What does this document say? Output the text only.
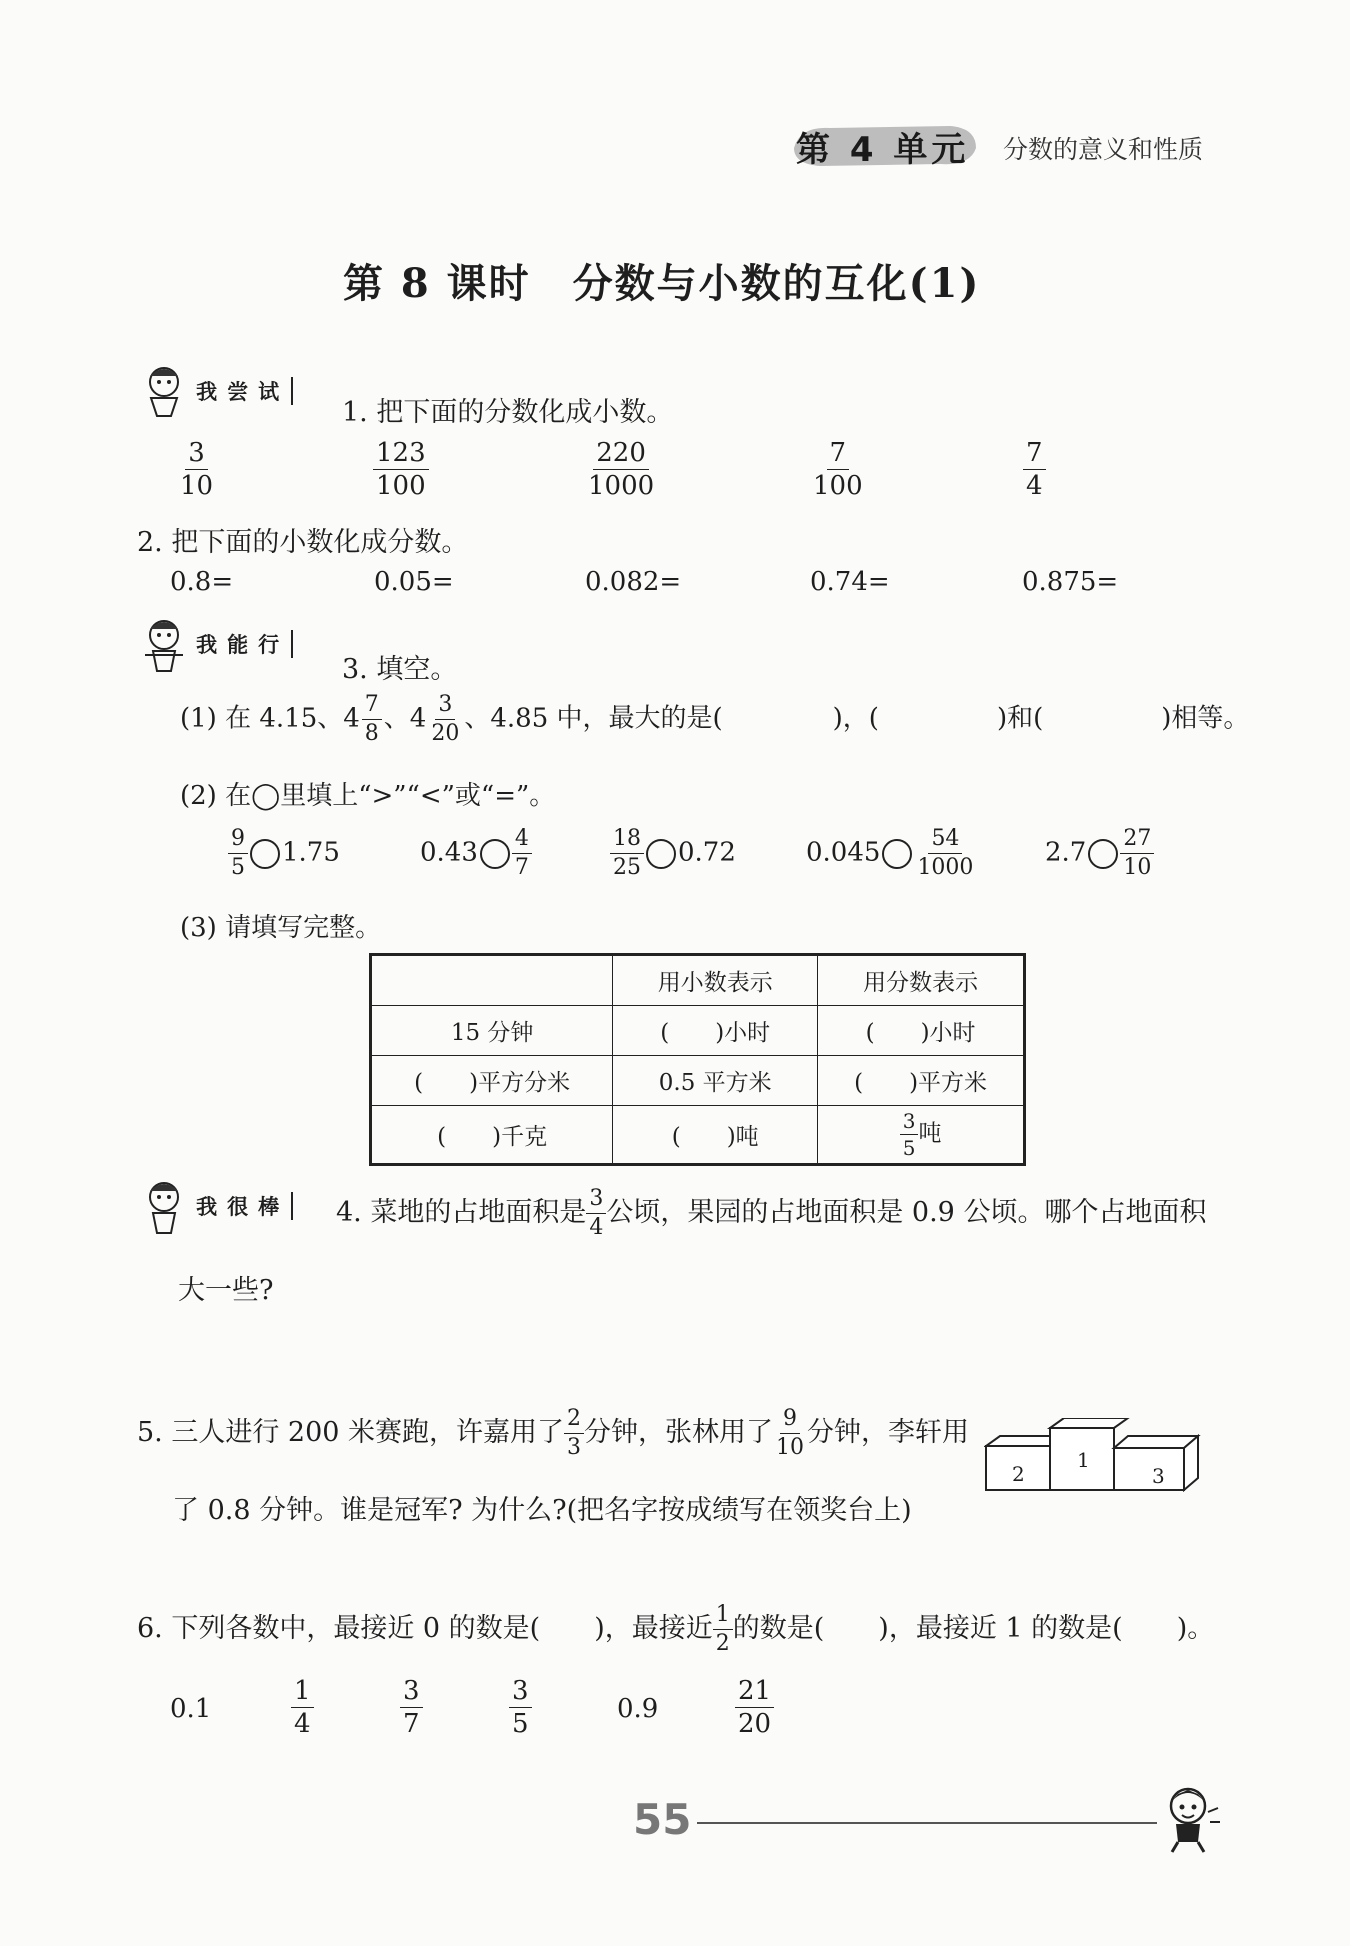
第 4 单元 分数的意义和性质
第 8 课时　分数与小数的互化(1)

我尝试
1. 把下面的分数化成小数。
$\frac{3}{10}$	$\frac{123}{100}$	$\frac{220}{1000}$	$\frac{7}{100}$	$\frac{7}{4}$
2. 把下面的小数化成分数。
0.8=	0.05=	0.082=	0.74=	0.875=

我能行
3. 填空。
(1) 在 4.15、$4 \frac{7}{8}$ 、$4 \frac{3}{20}$ 、4.85 中，最大的是(	)，(	)和(	)相等。
(2) 在◯里填上“>”“<”或“=”。
$\frac{9}{5} 1.75$	$0.43 \frac{4}{7}$	$\frac{18}{25} 0.72$	$0.045 \frac{54}{1000}$	$2.7 \frac{27}{10}$
(3) 请填写完整。
	用小数表示	用分数表示
15 分钟	(　　)小时	(　　)小时
(　　)平方分米	0.5 平方米	(　　)平方米
(　　)千克	(　　)吨	$\frac{3}{5}$ 吨

我很棒 4. 菜地的占地面积是 $\frac{3}{4}$ 公顷，果园的占地面积是 0.9 公顷。哪个占地面积
大一些?
5. 三人进行 200 米赛跑，许嘉用了 $\frac{2}{3}$ 分钟，张林用了 $\frac{9}{10}$ 分钟，李轩用
了 0.8 分钟。谁是冠军? 为什么?(把名字按成绩写在领奖台上)
2
1
3
6. 下列各数中，最接近 0 的数是(　　)，最接近 $\frac{1}{2}$ 的数是(　　)，最接近 1 的数是(　　)。
0.1	$\frac{1}{4}$	$\frac{3}{7}$	$\frac{3}{5}$	0.9	$\frac{21}{20}$
55
